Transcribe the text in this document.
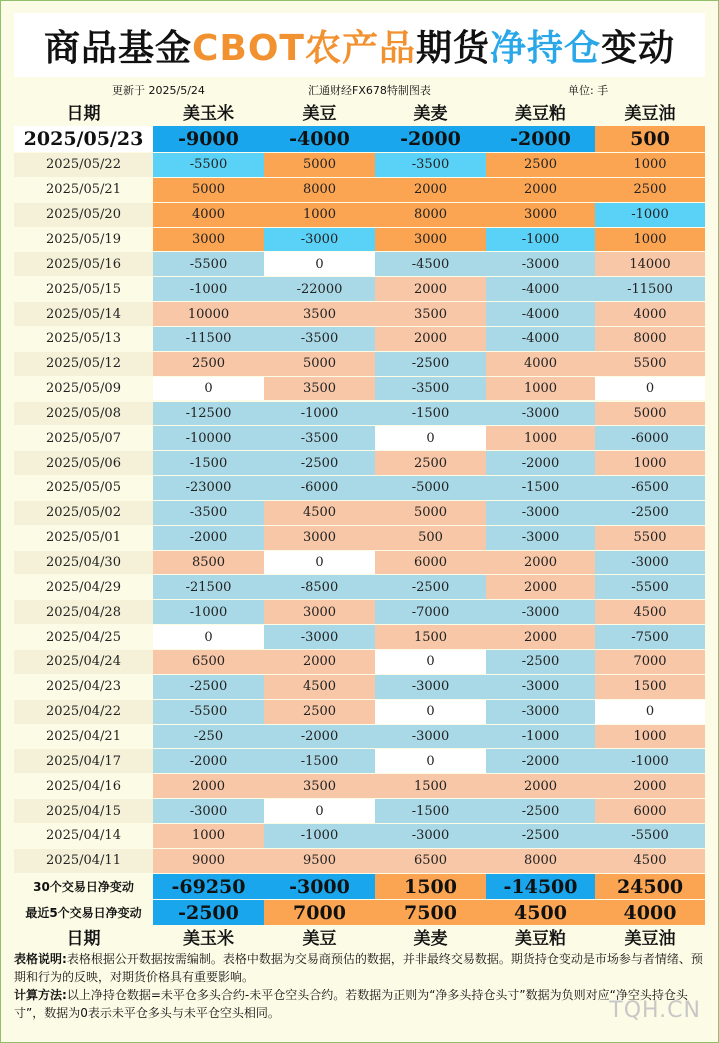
商品基金 CBOT农产品 期货 净持仓 变动
更新于 2025/5/24	汇通财经FX678特制图表	单位: 手
日期	美玉米	美豆	美麦	美豆粕	美豆油
2025/05/23	-9000	-4000	-2000	-2000	500
2025/05/22	-5500	5000	-3500	2500	1000
2025/05/21	5000	8000	2000	2000	2500
2025/05/20	4000	1000	8000	3000	-1000
2025/05/19	3000	-3000	3000	-1000	1000
2025/05/16	-5500	0	-4500	-3000	14000
2025/05/15	-1000	-22000	2000	-4000	-11500
2025/05/14	10000	3500	3500	-4000	4000
2025/05/13	-11500	-3500	2000	-4000	8000
2025/05/12	2500	5000	-2500	4000	5500
2025/05/09	0	3500	-3500	1000	0
2025/05/08	-12500	-1000	-1500	-3000	5000
2025/05/07	-10000	-3500	0	1000	-6000
2025/05/06	-1500	-2500	2500	-2000	1000
2025/05/05	-23000	-6000	-5000	-1500	-6500
2025/05/02	-3500	4500	5000	-3000	-2500
2025/05/01	-2000	3000	500	-3000	5500
2025/04/30	8500	0	6000	2000	-3000
2025/04/29	-21500	-8500	-2500	2000	-5500
2025/04/28	-1000	3000	-7000	-3000	4500
2025/04/25	0	-3000	1500	2000	-7500
2025/04/24	6500	2000	0	-2500	7000
2025/04/23	-2500	4500	-3000	-3000	1500
2025/04/22	-5500	2500	0	-3000	0
2025/04/21	-250	-2000	-3000	-1000	1000
2025/04/17	-2000	-1500	0	-2000	-1000
2025/04/16	2000	3500	1500	2000	2000
2025/04/15	-3000	0	-1500	-2500	6000
2025/04/14	1000	-1000	-3000	-2500	-5500
2025/04/11	9000	9500	6500	8000	4500
30个交易日净变动	-69250	-3000	1500	-14500	24500
最近5个交易日净变动	-2500	7000	7500	4500	4000
日期	美玉米	美豆	美麦	美豆粕	美豆油
表格说明:表格根据公开数据按需编制。表格中数据为交易商预估的数据，并非最终交易数据。期货持仓变动是市场参与者情绪、预期和行为的反映，对期货价格具有重要影响。
计算方法:以上净持仓数据=未平仓多头合约-未平仓空头合约。若数据为正则为“净多头持仓头寸”数据为负则对应“净空头持仓头寸”，数据为0表示未平仓多头与未平仓空头相同。	TQH.CN
